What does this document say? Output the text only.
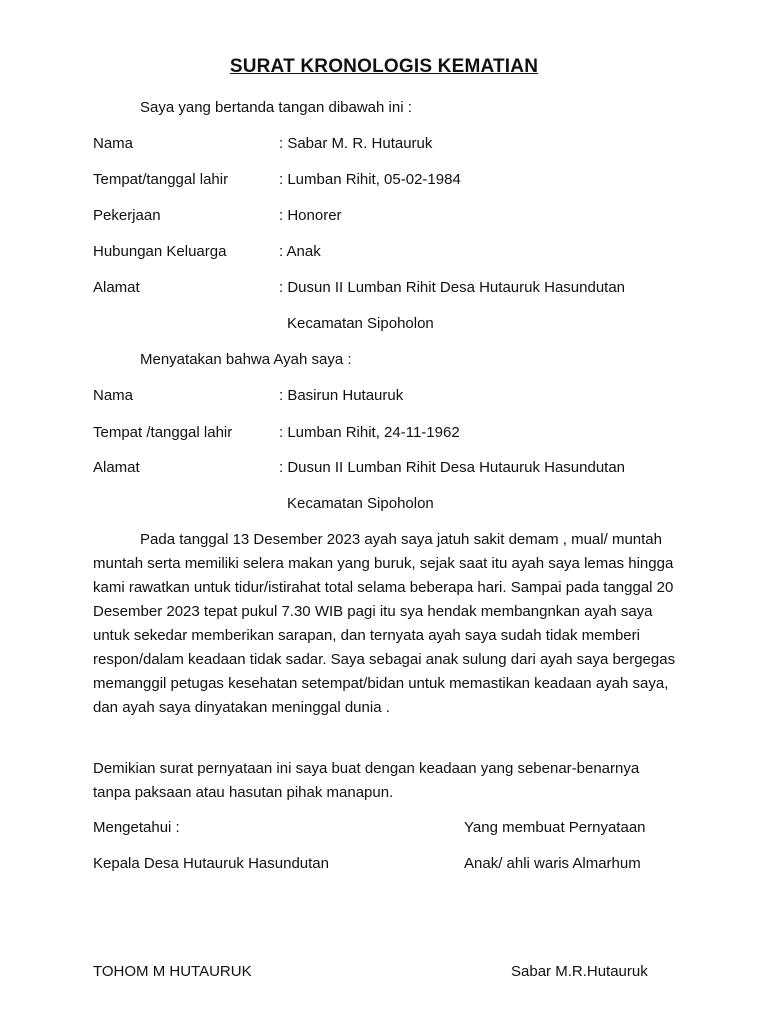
SURAT KRONOLOGIS KEMATIAN
Saya yang bertanda tangan dibawah ini :
Nama	: Sabar M. R. Hutauruk
Tempat/tanggal lahir	: Lumban Rihit, 05-02-1984
Pekerjaan	: Honorer
Hubungan Keluarga	: Anak
Alamat	: Dusun II Lumban Rihit Desa Hutauruk Hasundutan
Kecamatan Sipoholon
Menyatakan bahwa Ayah saya :
Nama	: Basirun Hutauruk
Tempat /tanggal lahir	: Lumban Rihit, 24-11-1962
Alamat	: Dusun II Lumban Rihit Desa Hutauruk Hasundutan
Kecamatan Sipoholon

Pada tanggal 13 Desember 2023 ayah saya jatuh sakit demam , mual/ muntah muntah serta memiliki selera makan yang buruk, sejak saat itu ayah saya lemas hingga kami rawatkan untuk tidur/istirahat total selama beberapa hari. Sampai pada tanggal 20 Desember 2023 tepat pukul 7.30 WIB pagi itu sya hendak membangnkan ayah saya untuk sekedar memberikan sarapan, dan ternyata ayah saya sudah tidak memberi respon/dalam keadaan tidak sadar. Saya sebagai anak sulung dari ayah saya bergegas memanggil petugas kesehatan setempat/bidan untuk memastikan keadaan ayah saya, dan ayah saya dinyatakan meninggal dunia .

Demikian surat pernyataan ini saya buat dengan keadaan yang sebenar-benarnya tanpa paksaan atau hasutan pihak manapun.

Mengetahui :	Yang membuat Pernyataan
Kepala Desa Hutauruk Hasundutan	Anak/ ahli waris Almarhum
TOHOM M HUTAURUK	Sabar M.R.Hutauruk
